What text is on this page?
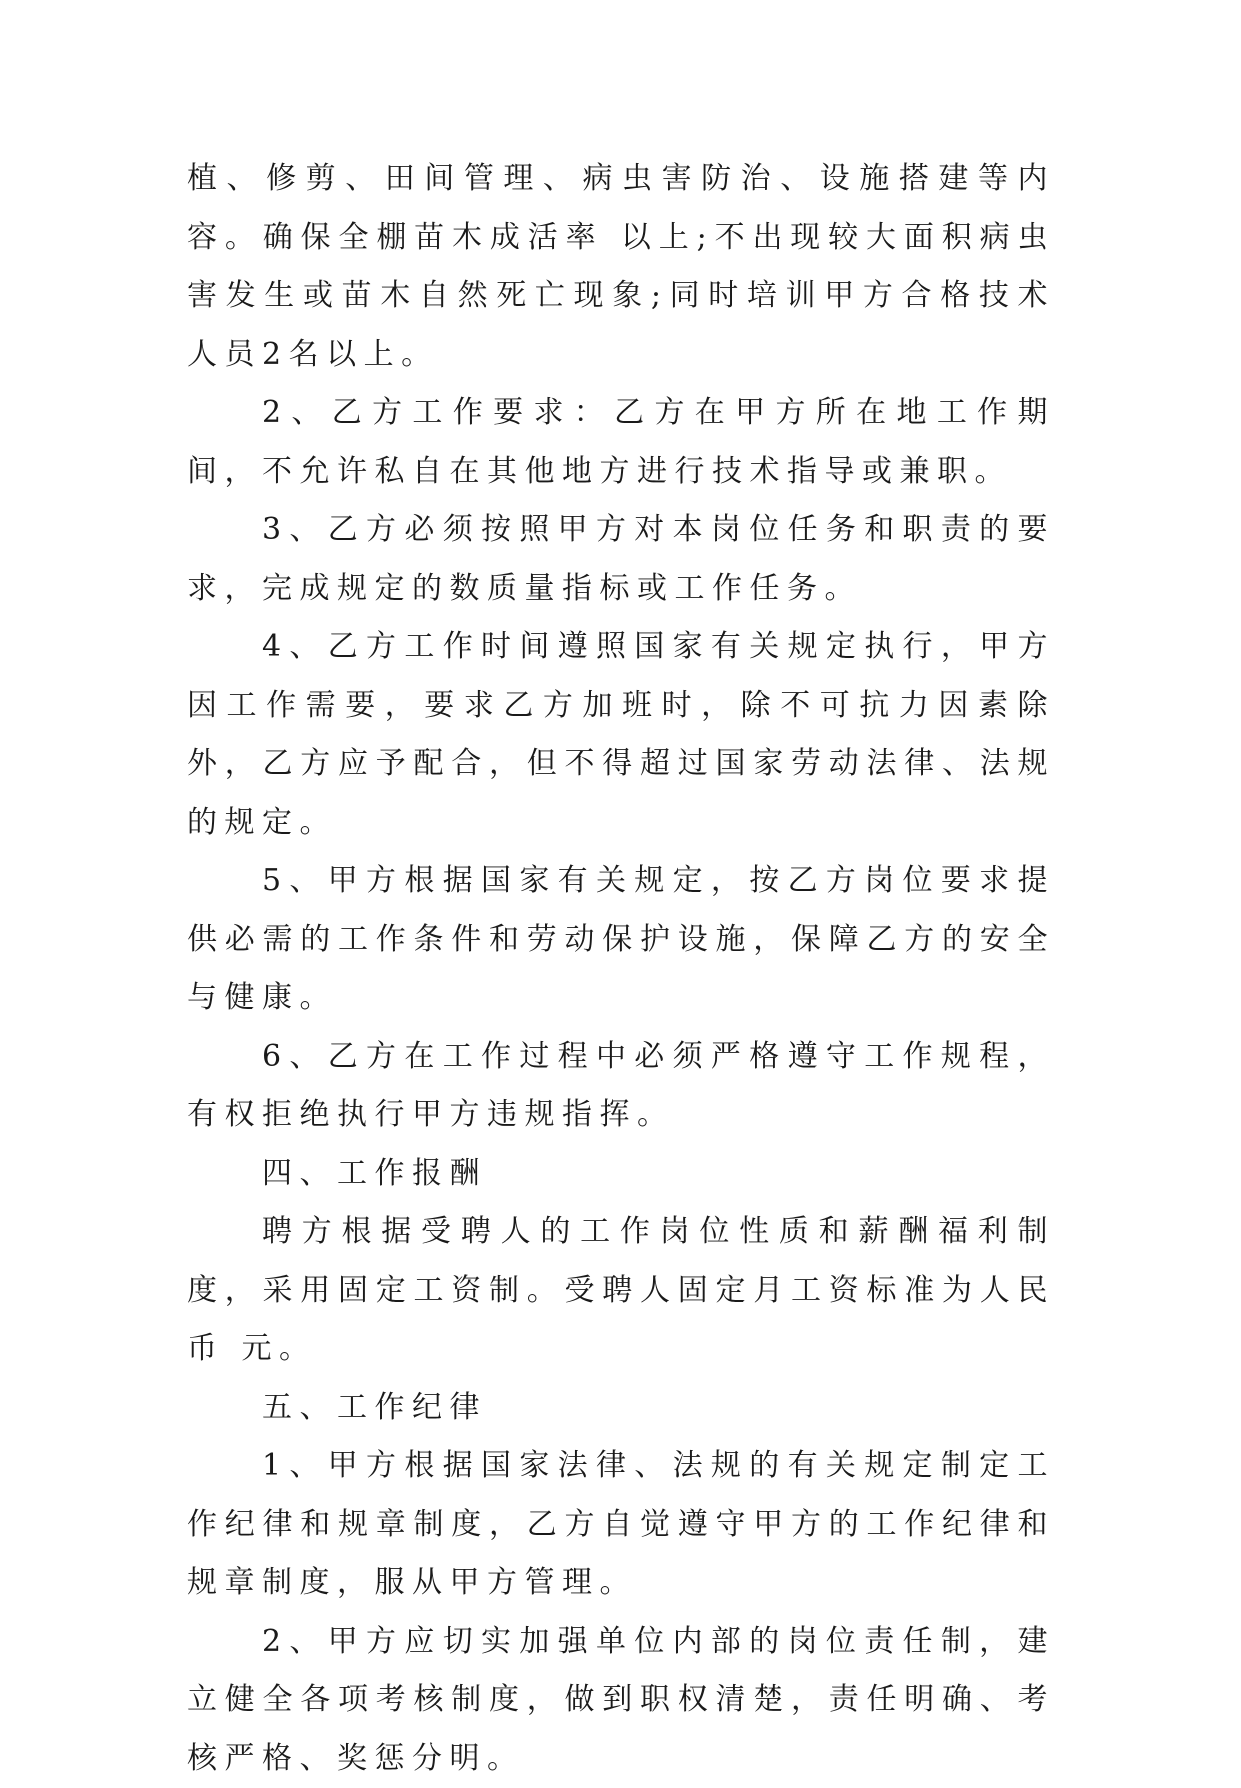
植、修剪、田间管理、病虫害防治、设施搭建等内容。确保全棚苗木成活率 以上;不出现较大面积病虫害发生或苗木自然死亡现象;同时培训甲方合格技术人员2名以上。

2、乙方工作要求：乙方在甲方所在地工作期间，不允许私自在其他地方进行技术指导或兼职。

3、乙方必须按照甲方对本岗位任务和职责的要求，完成规定的数质量指标或工作任务。

4、乙方工作时间遵照国家有关规定执行，甲方因工作需要，要求乙方加班时，除不可抗力因素除外，乙方应予配合，但不得超过国家劳动法律、法规的规定。

5、甲方根据国家有关规定，按乙方岗位要求提供必需的工作条件和劳动保护设施，保障乙方的安全与健康。

6、乙方在工作过程中必须严格遵守工作规程，有权拒绝执行甲方违规指挥。

四、工作报酬

聘方根据受聘人的工作岗位性质和薪酬福利制度，采用固定工资制。受聘人固定月工资标准为人民币 元。

五、工作纪律

1、甲方根据国家法律、法规的有关规定制定工作纪律和规章制度，乙方自觉遵守甲方的工作纪律和规章制度，服从甲方管理。

2、甲方应切实加强单位内部的岗位责任制，建立健全各项考核制度，做到职权清楚，责任明确、考核严格、奖惩分明。
